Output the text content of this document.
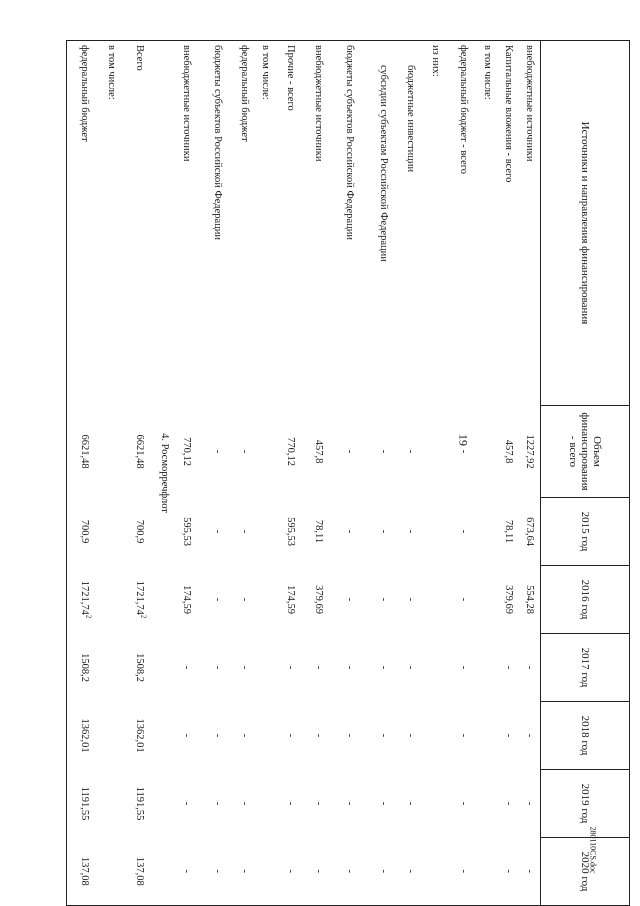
19
Источники и направления финансирования	Объем финансирования - всего	2015 год	2016 год	2017 год	2018 год	2019 год	2020 год
внебюджетные источники	1227,92	673,64	554,28	-	-	-	-
Капитальные вложения - всего	457,8	78,11	379,69	-	-	-	-
в том числе:							
федеральный бюджет - всего	-	-	-	-	-	-	-
из них:							
бюджетные инвестиции	-	-	-	-	-	-	-
субсидии субъектам Российской Федерации	-	-	-	-	-	-	-
бюджеты субъектов Российской Федерации	-	-	-	-	-	-	-
внебюджетные источники	457,8	78,11	379,69	-	-	-	-
Прочие - всего	770,12	595,53	174,59	-	-	-	-
в том числе:							
федеральный бюджет	-	-	-	-	-	-	-
бюджеты субъектов Российской Федерации	-	-	-	-	-	-	-
внебюджетные источники	770,12	595,53	174,59	-	-	-	-
4. Росморречфлот							
Всего	6621,48	700,9	1721,74$^2$	1508,2	1362,01	1191,55	137,08
в том числе:							
федеральный бюджет	6621,48	700,9	1721,74$^2$	1508,2	1362,01	1191,55	137,08	280110CS.doc
